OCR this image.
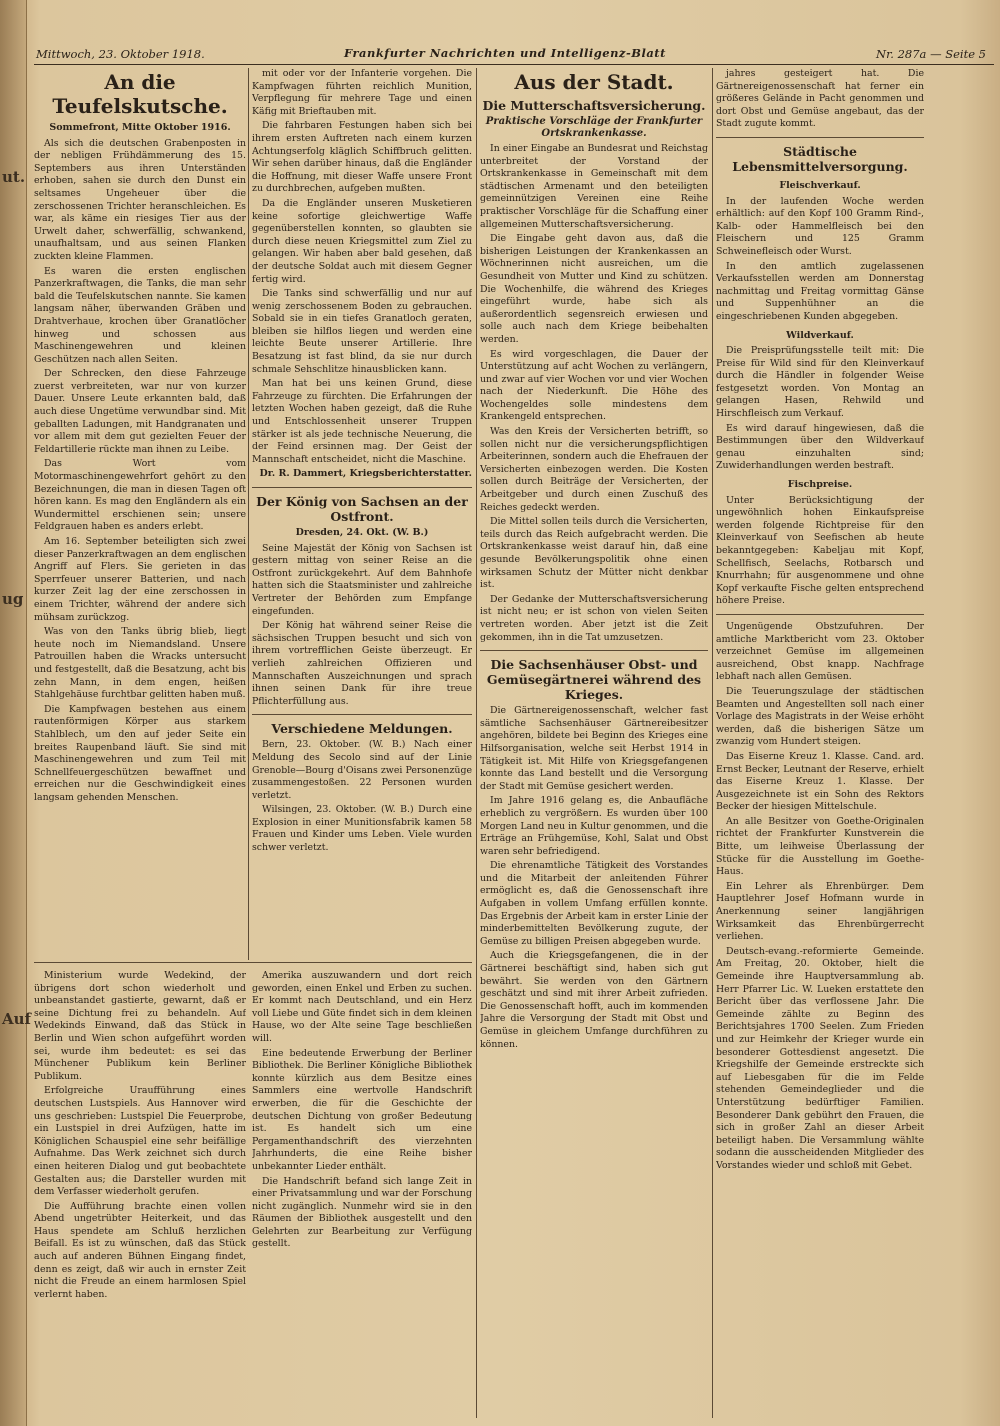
ut.
ug
Auf
Mittwoch, 23. Oktober 1918.	Frankfurter Nachrichten und Intelligenz-Blatt	Nr. 287a — Seite 5
An die Teufelskutsche.
Sommefront, Mitte Oktober 1916.

Als sich die deutschen Grabenposten in der nebligen Frühdämmerung des 15. Septembers aus ihren Unterständen erhoben, sahen sie durch den Dunst ein seltsames Ungeheuer über die zerschossenen Trichter heranschleichen. Es war, als käme ein riesiges Tier aus der Urwelt daher, schwerfällig, schwankend, unaufhaltsam, und aus seinen Flanken zuckten kleine Flammen.

Es waren die ersten englischen Panzerkraftwagen, die Tanks, die man sehr bald die Teufelskutschen nannte. Sie kamen langsam näher, überwanden Gräben und Drahtverhaue, krochen über Granatlöcher hinweg und schossen aus Maschinengewehren und kleinen Geschützen nach allen Seiten.

Der Schrecken, den diese Fahrzeuge zuerst verbreiteten, war nur von kurzer Dauer. Unsere Leute erkannten bald, daß auch diese Ungetüme verwundbar sind. Mit geballten Ladungen, mit Handgranaten und vor allem mit dem gut gezielten Feuer der Feldartillerie rückte man ihnen zu Leibe.

Das Wort vom Motormaschinengewehrfort gehört zu den Bezeichnungen, die man in diesen Tagen oft hören kann. Es mag den Engländern als ein Wundermittel erschienen sein; unsere Feldgrauen haben es anders erlebt.

Am 16. September beteiligten sich zwei dieser Panzerkraftwagen an dem englischen Angriff auf Flers. Sie gerieten in das Sperrfeuer unserer Batterien, und nach kurzer Zeit lag der eine zerschossen in einem Trichter, während der andere sich mühsam zurückzog.

Was von den Tanks übrig blieb, liegt heute noch im Niemandsland. Unsere Patrouillen haben die Wracks untersucht und festgestellt, daß die Besatzung, acht bis zehn Mann, in dem engen, heißen Stahlgehäuse furchtbar gelitten haben muß.

Die Kampfwagen bestehen aus einem rautenförmigen Körper aus starkem Stahlblech, um den auf jeder Seite ein breites Raupenband läuft. Sie sind mit Maschinengewehren und zum Teil mit Schnellfeuergeschützen bewaffnet und erreichen nur die Geschwindigkeit eines langsam gehenden Menschen.

Ministerium wurde Wedekind, der übrigens dort schon wiederholt und unbeanstandet gastierte, gewarnt, daß er seine Dichtung frei zu behandeln. Auf Wedekinds Einwand, daß das Stück in Berlin und Wien schon aufgeführt worden sei, wurde ihm bedeutet: es sei das Münchener Publikum kein Berliner Publikum.

Erfolgreiche Uraufführung eines deutschen Lustspiels. Aus Hannover wird uns geschrieben: Lustspiel Die Feuerprobe, ein Lustspiel in drei Aufzügen, hatte im Königlichen Schauspiel eine sehr beifällige Aufnahme. Das Werk zeichnet sich durch einen heiteren Dialog und gut beobachtete Gestalten aus; die Darsteller wurden mit dem Verfasser wiederholt gerufen.

Die Aufführung brachte einen vollen Abend ungetrübter Heiterkeit, und das Haus spendete am Schluß herzlichen Beifall. Es ist zu wünschen, daß das Stück auch auf anderen Bühnen Eingang findet, denn es zeigt, daß wir auch in ernster Zeit nicht die Freude an einem harmlosen Spiel verlernt haben.

mit oder vor der Infanterie vorgehen. Die Kampfwagen führten reichlich Munition, Verpflegung für mehrere Tage und einen Käfig mit Brieftauben mit.

Die fahrbaren Festungen haben sich bei ihrem ersten Auftreten nach einem kurzen Achtungserfolg kläglich Schiffbruch gelitten. Wir sehen darüber hinaus, daß die Engländer die Hoffnung, mit dieser Waffe unsere Front zu durchbrechen, aufgeben mußten.

Da die Engländer unseren Musketieren keine sofortige gleichwertige Waffe gegenüberstellen konnten, so glaubten sie durch diese neuen Kriegsmittel zum Ziel zu gelangen. Wir haben aber bald gesehen, daß der deutsche Soldat auch mit diesem Gegner fertig wird.

Die Tanks sind schwerfällig und nur auf wenig zerschossenem Boden zu gebrauchen. Sobald sie in ein tiefes Granatloch geraten, bleiben sie hilflos liegen und werden eine leichte Beute unserer Artillerie. Ihre Besatzung ist fast blind, da sie nur durch schmale Sehschlitze hinausblicken kann.

Man hat bei uns keinen Grund, diese Fahrzeuge zu fürchten. Die Erfahrungen der letzten Wochen haben gezeigt, daß die Ruhe und Entschlossenheit unserer Truppen stärker ist als jede technische Neuerung, die der Feind ersinnen mag. Der Geist der Mannschaft entscheidet, nicht die Maschine.

Dr. R. Dammert, Kriegsberichterstatter.
Der König von Sachsen an der Ostfront.
Dresden, 24. Okt. (W. B.)

Seine Majestät der König von Sachsen ist gestern mittag von seiner Reise an die Ostfront zurückgekehrt. Auf dem Bahnhofe hatten sich die Staatsminister und zahlreiche Vertreter der Behörden zum Empfange eingefunden.

Der König hat während seiner Reise die sächsischen Truppen besucht und sich von ihrem vortrefflichen Geiste überzeugt. Er verlieh zahlreichen Offizieren und Mannschaften Auszeichnungen und sprach ihnen seinen Dank für ihre treue Pflichterfüllung aus.

Verschiedene Meldungen.

Bern, 23. Oktober. (W. B.) Nach einer Meldung des Secolo sind auf der Linie Grenoble—Bourg d'Oisans zwei Personenzüge zusammengestoßen. 22 Personen wurden verletzt.

Wilsingen, 23. Oktober. (W. B.) Durch eine Explosion in einer Munitionsfabrik kamen 58 Frauen und Kinder ums Leben. Viele wurden schwer verletzt.

Amerika auszuwandern und dort reich geworden, einen Enkel und Erben zu suchen. Er kommt nach Deutschland, und ein Herz voll Liebe und Güte findet sich in dem kleinen Hause, wo der Alte seine Tage beschließen will.

Eine bedeutende Erwerbung der Berliner Bibliothek. Die Berliner Königliche Bibliothek konnte kürzlich aus dem Besitze eines Sammlers eine wertvolle Handschrift erwerben, die für die Geschichte der deutschen Dichtung von großer Bedeutung ist. Es handelt sich um eine Pergamenthandschrift des vierzehnten Jahrhunderts, die eine Reihe bisher unbekannter Lieder enthält.

Die Handschrift befand sich lange Zeit in einer Privatsammlung und war der Forschung nicht zugänglich. Nunmehr wird sie in den Räumen der Bibliothek ausgestellt und den Gelehrten zur Bearbeitung zur Verfügung gestellt.

Aus der Stadt.
Die Mutterschaftsversicherung.
Praktische Vorschläge der Frankfurter Ortskrankenkasse.

In einer Eingabe an Bundesrat und Reichstag unterbreitet der Vorstand der Ortskrankenkasse in Gemeinschaft mit dem städtischen Armenamt und den beteiligten gemeinnützigen Vereinen eine Reihe praktischer Vorschläge für die Schaffung einer allgemeinen Mutterschaftsversicherung.

Die Eingabe geht davon aus, daß die bisherigen Leistungen der Krankenkassen an Wöchnerinnen nicht ausreichen, um die Gesundheit von Mutter und Kind zu schützen. Die Wochenhilfe, die während des Krieges eingeführt wurde, habe sich als außerordentlich segensreich erwiesen und solle auch nach dem Kriege beibehalten werden.

Es wird vorgeschlagen, die Dauer der Unterstützung auf acht Wochen zu verlängern, und zwar auf vier Wochen vor und vier Wochen nach der Niederkunft. Die Höhe des Wochengeldes solle mindestens dem Krankengeld entsprechen.

Was den Kreis der Versicherten betrifft, so sollen nicht nur die versicherungspflichtigen Arbeiterinnen, sondern auch die Ehefrauen der Versicherten einbezogen werden. Die Kosten sollen durch Beiträge der Versicherten, der Arbeitgeber und durch einen Zuschuß des Reiches gedeckt werden.

Die Mittel sollen teils durch die Versicherten, teils durch das Reich aufgebracht werden. Die Ortskrankenkasse weist darauf hin, daß eine gesunde Bevölkerungspolitik ohne einen wirksamen Schutz der Mütter nicht denkbar ist.

Der Gedanke der Mutterschaftsversicherung ist nicht neu; er ist schon von vielen Seiten vertreten worden. Aber jetzt ist die Zeit gekommen, ihn in die Tat umzusetzen.

Die Sachsenhäuser Obst- und Gemüsegärtnerei während des Krieges.

Die Gärtnereigenossenschaft, welcher fast sämtliche Sachsenhäuser Gärtnereibesitzer angehören, bildete bei Beginn des Krieges eine Hilfsorganisation, welche seit Herbst 1914 in Tätigkeit ist. Mit Hilfe von Kriegsgefangenen konnte das Land bestellt und die Versorgung der Stadt mit Gemüse gesichert werden.

Im Jahre 1916 gelang es, die Anbaufläche erheblich zu vergrößern. Es wurden über 100 Morgen Land neu in Kultur genommen, und die Erträge an Frühgemüse, Kohl, Salat und Obst waren sehr befriedigend.

Die ehrenamtliche Tätigkeit des Vorstandes und die Mitarbeit der anleitenden Führer ermöglicht es, daß die Genossenschaft ihre Aufgaben in vollem Umfang erfüllen konnte. Das Ergebnis der Arbeit kam in erster Linie der minderbemittelten Bevölkerung zugute, der Gemüse zu billigen Preisen abgegeben wurde.

Auch die Kriegsgefangenen, die in der Gärtnerei beschäftigt sind, haben sich gut bewährt. Sie werden von den Gärtnern geschätzt und sind mit ihrer Arbeit zufrieden. Die Genossenschaft hofft, auch im kommenden Jahre die Versorgung der Stadt mit Obst und Gemüse in gleichem Umfange durchführen zu können.

jahres gesteigert hat. Die Gärtnereigenossenschaft hat ferner ein größeres Gelände in Pacht genommen und dort Obst und Gemüse angebaut, das der Stadt zugute kommt.

Städtische Lebensmittelversorgung.
Fleischverkauf.

In der laufenden Woche werden erhältlich: auf den Kopf 100 Gramm Rind-, Kalb- oder Hammelfleisch bei den Fleischern und 125 Gramm Schweinefleisch oder Wurst.

In den amtlich zugelassenen Verkaufsstellen werden am Donnerstag nachmittag und Freitag vormittag Gänse und Suppenhühner an die eingeschriebenen Kunden abgegeben.

Wildverkauf.

Die Preisprüfungsstelle teilt mit: Die Preise für Wild sind für den Kleinverkauf durch die Händler in folgender Weise festgesetzt worden. Von Montag an gelangen Hasen, Rehwild und Hirschfleisch zum Verkauf.

Es wird darauf hingewiesen, daß die Bestimmungen über den Wildverkauf genau einzuhalten sind; Zuwiderhandlungen werden bestraft.

Fischpreise.

Unter Berücksichtigung der ungewöhnlich hohen Einkaufspreise werden folgende Richtpreise für den Kleinverkauf von Seefischen ab heute bekanntgegeben: Kabeljau mit Kopf, Schellfisch, Seelachs, Rotbarsch und Knurrhahn; für ausgenommene und ohne Kopf verkaufte Fische gelten entsprechend höhere Preise.

Ungenügende Obstzufuhren. Der amtliche Marktbericht vom 23. Oktober verzeichnet Gemüse im allgemeinen ausreichend, Obst knapp. Nachfrage lebhaft nach allen Gemüsen.

Die Teuerungszulage der städtischen Beamten und Angestellten soll nach einer Vorlage des Magistrats in der Weise erhöht werden, daß die bisherigen Sätze um zwanzig vom Hundert steigen.

Das Eiserne Kreuz 1. Klasse. Cand. ard. Ernst Becker, Leutnant der Reserve, erhielt das Eiserne Kreuz 1. Klasse. Der Ausgezeichnete ist ein Sohn des Rektors Becker der hiesigen Mittelschule.

An alle Besitzer von Goethe-Originalen richtet der Frankfurter Kunstverein die Bitte, um leihweise Überlassung der Stücke für die Ausstellung im Goethe-Haus.

Ein Lehrer als Ehrenbürger. Dem Hauptlehrer Josef Hofmann wurde in Anerkennung seiner langjährigen Wirksamkeit das Ehrenbürgerrecht verliehen.

Deutsch-evang.-reformierte Gemeinde. Am Freitag, 20. Oktober, hielt die Gemeinde ihre Hauptversammlung ab. Herr Pfarrer Lic. W. Lueken erstattete den Bericht über das verflossene Jahr. Die Gemeinde zählte zu Beginn des Berichtsjahres 1700 Seelen. Zum Frieden und zur Heimkehr der Krieger wurde ein besonderer Gottesdienst angesetzt. Die Kriegshilfe der Gemeinde erstreckte sich auf Liebesgaben für die im Felde stehenden Gemeindeglieder und die Unterstützung bedürftiger Familien. Besonderer Dank gebührt den Frauen, die sich in großer Zahl an dieser Arbeit beteiligt haben. Die Versammlung wählte sodann die ausscheidenden Mitglieder des Vorstandes wieder und schloß mit Gebet.
